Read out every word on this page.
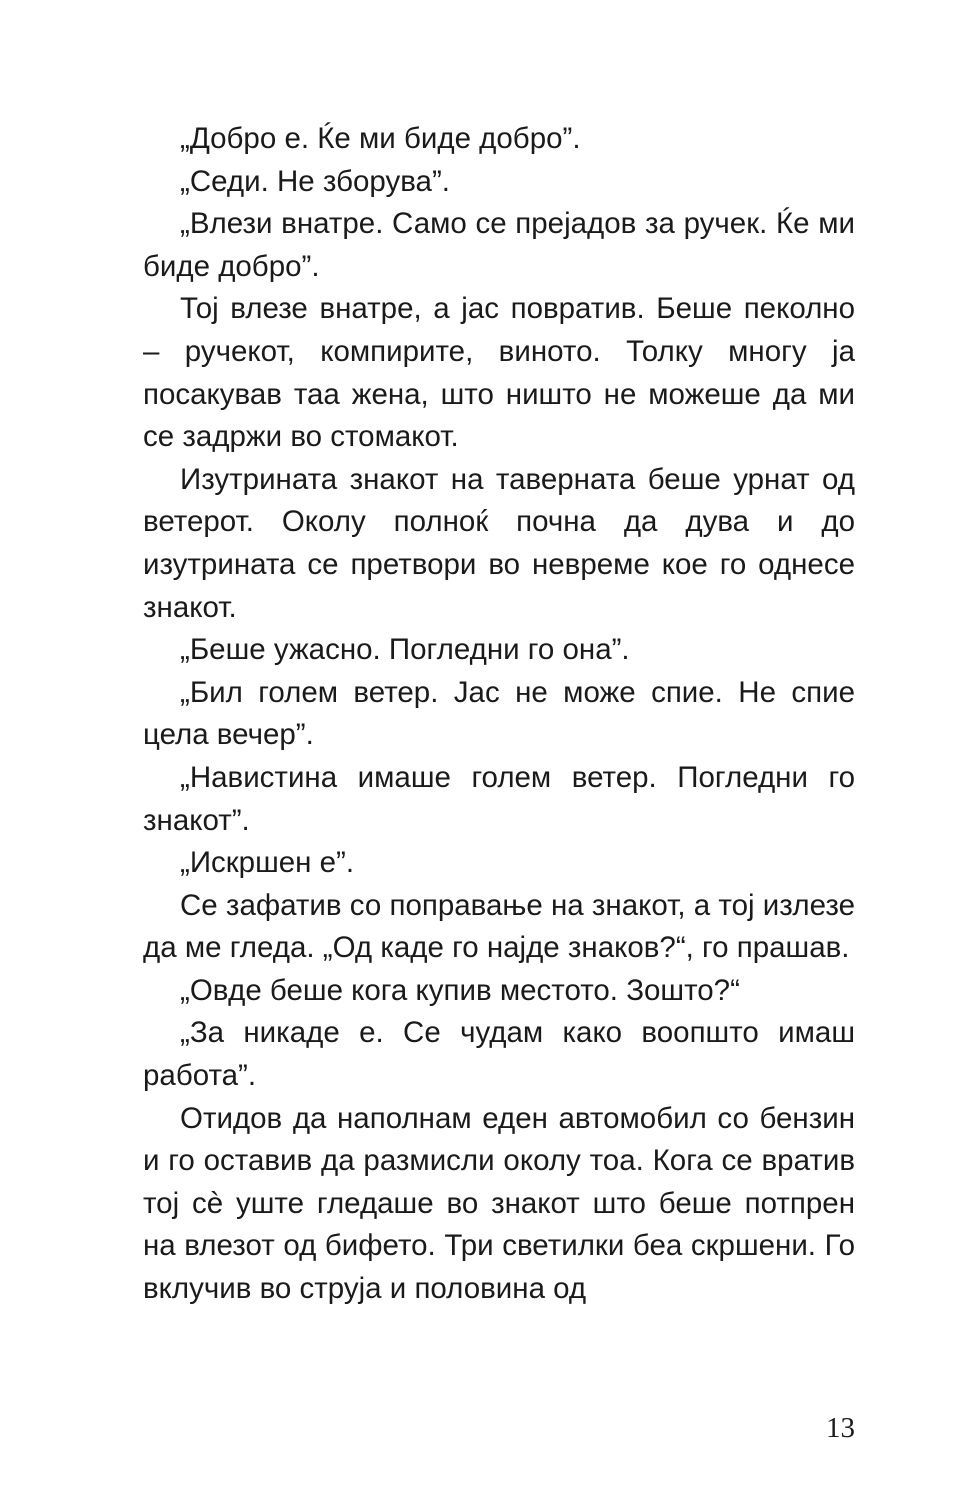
„Добро е. Ќе ми биде добро”.

„Седи. Не зборува”.

„Влези внатре. Само се прејадов за ручек. Ќе ми биде добро”.

Тој влезе внатре, а јас повратив. Беше пеколно – ручекот, компирите, виното. Толку многу ја посакував таа жена, што ништо не можеше да ми се задржи во стомакот.

Изутрината знакот на таверната беше урнат од ветерот. Околу полноќ почна да дува и до изутрината се претвори во невреме кое го однесе знакот.

„Беше ужасно. Погледни го она”.

„Бил голем ветер. Јас не може спие. Не спие цела вечер”.

„Навистина имаше голем ветер. Погледни го знакот”.

„Искршен е”.

Се зафатив со поправање на знакот, а тој излезе да ме гледа. „Од каде го најде знаков?“, го прашав.

„Овде беше кога купив местото. Зошто?“

„За никаде е. Се чудам како воопшто имаш работа”.

Отидов да наполнам еден автомобил со бензин и го оставив да размисли околу тоа. Кога се вратив тој сè уште гледаше во знакот што беше потпрен на влезот од бифето. Три светилки беа скршени. Го вклучив во струја и половина од

13
